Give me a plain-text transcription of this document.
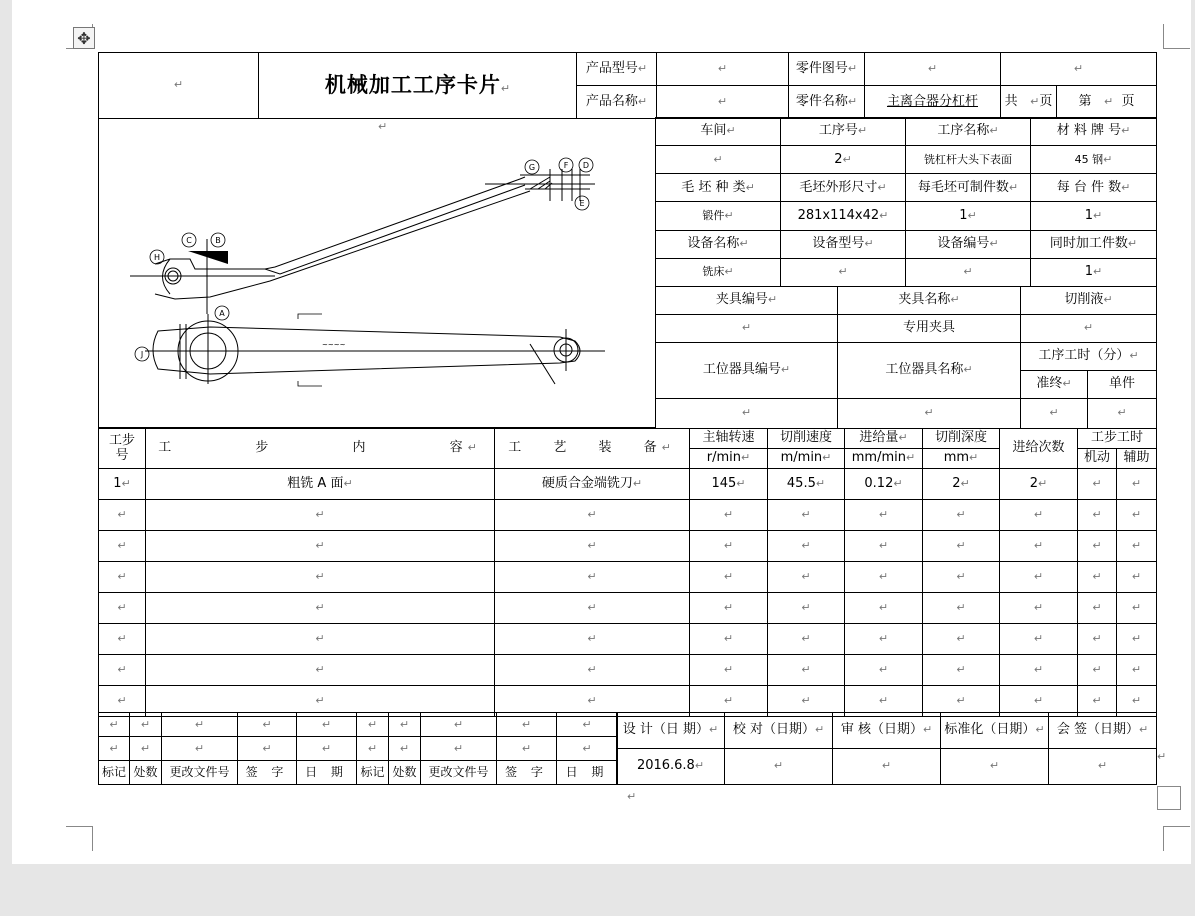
✥
↵	机械加工工序卡片↵	产品型号↵	↵	零件图号↵	↵	↵	
		产品名称↵	↵	零件名称↵	主离合器分杠杆	共 ↵页	第 ↵ 页
↵
~~~~
G	F D
E
C	B
H
A
J
车间↵	工序号↵	工序名称↵	材 料 牌 号↵
↵	2↵	铣杠杆大头下表面	45 钢↵
毛 坯 种 类↵	毛坯外形尺寸↵	每毛坯可制件数↵	每 台 件 数↵
锻件↵	281x114x42↵	1↵	1↵
设备名称↵	设备型号↵	设备编号↵	同时加工件数↵
铣床↵	↵	↵	1↵
夹具编号↵	夹具名称↵	切削液↵	
↵	专用夹具	↵	
工位器具编号↵	工位器具名称↵	工序工时（分）↵	
		准终↵	单件
↵	↵	↵	↵
工步号	工 步 内 容↵	工 艺 装 备↵	主轴转速	切削速度	进给量↵	切削深度	进给次数	工步工时	
			r/min↵	m/min↵	mm/min↵	mm↵		机动	辅助
1↵	粗铣 A 面↵	硬质合金端铣刀↵	145↵	45.5↵	0.12↵	2↵	2↵	↵	↵
↵	↵	↵	↵	↵	↵	↵	↵	↵	↵
↵	↵	↵	↵	↵	↵	↵	↵	↵	↵
↵	↵	↵	↵	↵	↵	↵	↵	↵	↵
↵	↵	↵	↵	↵	↵	↵	↵	↵	↵
↵	↵	↵	↵	↵	↵	↵	↵	↵	↵
↵	↵	↵	↵	↵	↵	↵	↵	↵	↵
↵	↵	↵	↵	↵	↵	↵	↵	↵	↵
↵	↵	↵	↵	↵	↵	↵	↵	↵	↵
↵	↵	↵	↵	↵	↵	↵	↵	↵	↵
标记	处数	更改文件号	签 字	日 期	标记	处数	更改文件号	签 字	日 期
设 计（日 期）↵	校 对（日期）↵	审 核（日期）↵	标准化（日期）↵	会 签（日期）↵
2016.6.8↵	↵	↵	↵	↵
↵
↵
